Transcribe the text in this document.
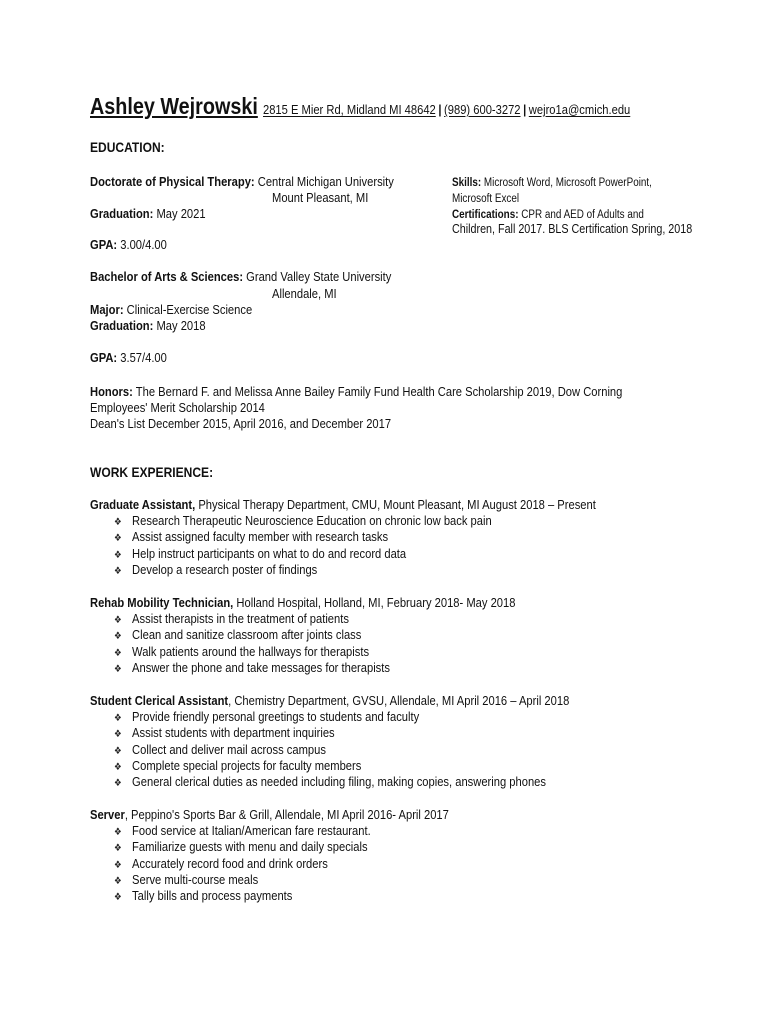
Ashley Wejrowski 2815 E Mier Rd, Midland MI 48642 | (989) 600-3272 | wejro1a@cmich.edu
EDUCATION:
Doctorate of Physical Therapy: Central Michigan University
Mount Pleasant, MI
Graduation: May 2021
GPA: 3.00/4.00
Bachelor of Arts & Sciences: Grand Valley State University
Allendale, MI
Major: Clinical-Exercise Science
Graduation: May 2018
GPA: 3.57/4.00
Honors: The Bernard F. and Melissa Anne Bailey Family Fund Health Care Scholarship 2019, Dow Corning
Employees' Merit Scholarship 2014
Dean's List December 2015, April 2016, and December 2017
Skills: Microsoft Word, Microsoft PowerPoint,
Microsoft Excel
Certifications: CPR and AED of Adults and
Children, Fall 2017. BLS Certification Spring, 2018
WORK EXPERIENCE:
Graduate Assistant, Physical Therapy Department, CMU, Mount Pleasant, MI August 2018 – Present
❖ Research Therapeutic Neuroscience Education on chronic low back pain
❖ Assist assigned faculty member with research tasks
❖ Help instruct participants on what to do and record data
❖ Develop a research poster of findings
Rehab Mobility Technician, Holland Hospital, Holland, MI, February 2018- May 2018
❖ Assist therapists in the treatment of patients
❖ Clean and sanitize classroom after joints class
❖ Walk patients around the hallways for therapists
❖ Answer the phone and take messages for therapists
Student Clerical Assistant, Chemistry Department, GVSU, Allendale, MI April 2016 – April 2018
❖ Provide friendly personal greetings to students and faculty
❖ Assist students with department inquiries
❖ Collect and deliver mail across campus
❖ Complete special projects for faculty members
❖ General clerical duties as needed including filing, making copies, answering phones
Server, Peppino's Sports Bar & Grill, Allendale, MI April 2016- April 2017
❖ Food service at Italian/American fare restaurant.
❖ Familiarize guests with menu and daily specials
❖ Accurately record food and drink orders
❖ Serve multi-course meals
❖ Tally bills and process payments
